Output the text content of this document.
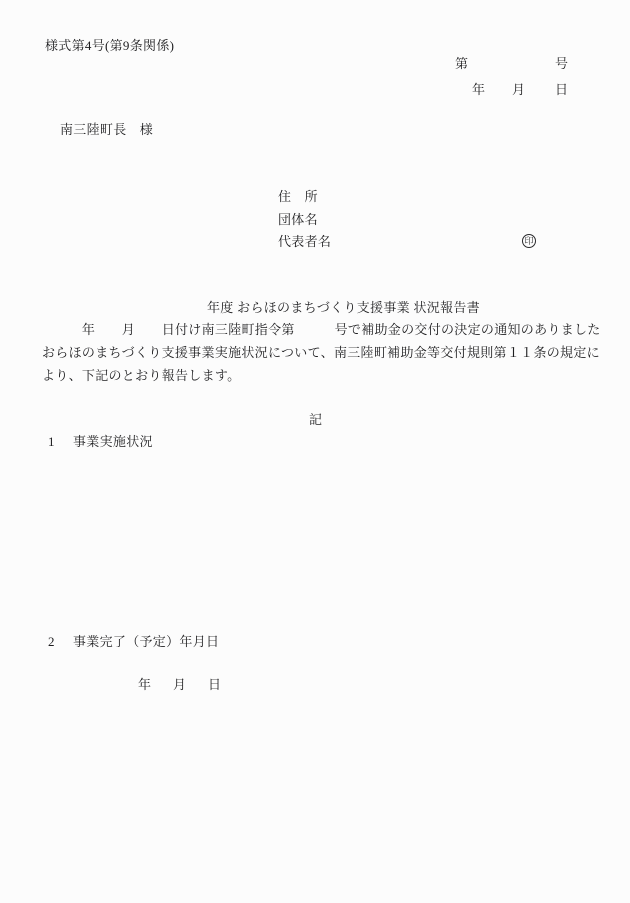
様式第4号(第9条関係)
第	号
年 月 日
南三陸町長　様
住　所
団体名
代表者名	印
年度 おらほのまちづくり支援事業 状況報告書
　　　年　　月　　日付け南三陸町指令第　　　号で補助金の交付の決定の通知のありました
おらほのまちづくり支援事業実施状況について、南三陸町補助金等交付規則第１１条の規定に
より、下記のとおり報告します。
記
1 事業実施状況
2 事業完了（予定）年月日
年 月 日
